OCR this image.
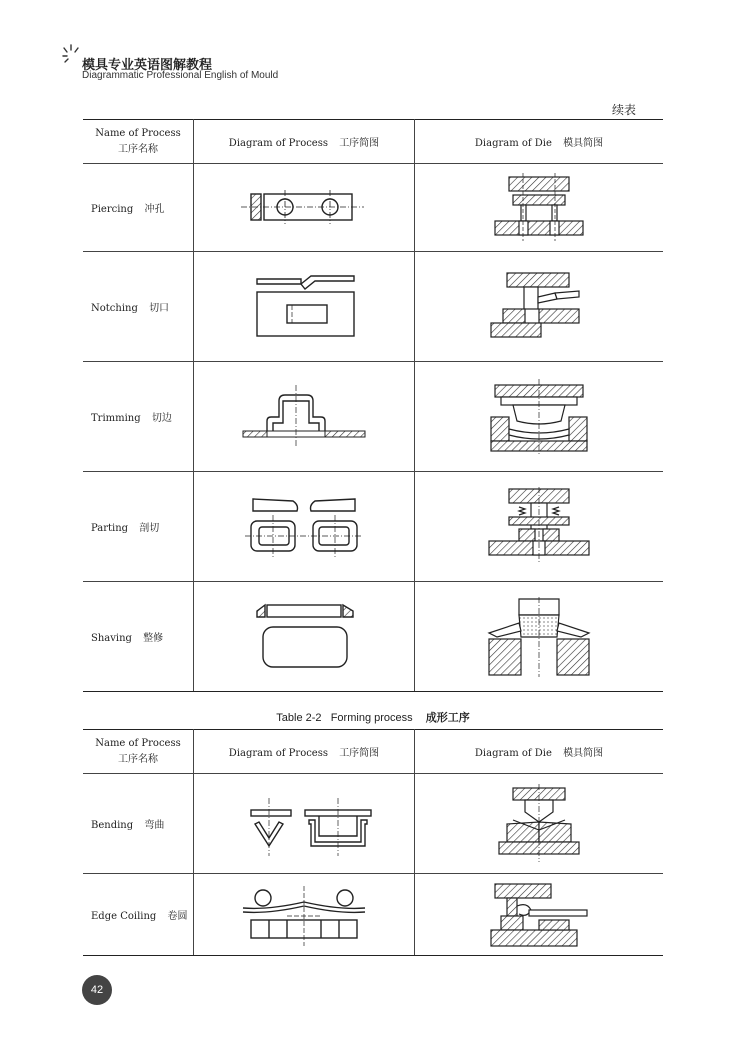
模具专业英语图解教程
Diagrammatic Professional English of Mould
续表
Name of Process
工序名称	Diagram of Process 工序简图	Diagram of Die 模具简图
Piercing 冲孔	

Notching 切口	

Trimming 切边	

Parting 剖切	

Shaving 整修	

Table 2-2   Forming process 成形工序
Name of Process
工序名称	Diagram of Process 工序简图	Diagram of Die 模具简图
Bending 弯曲	

Edge Coiling 卷圆	

42
